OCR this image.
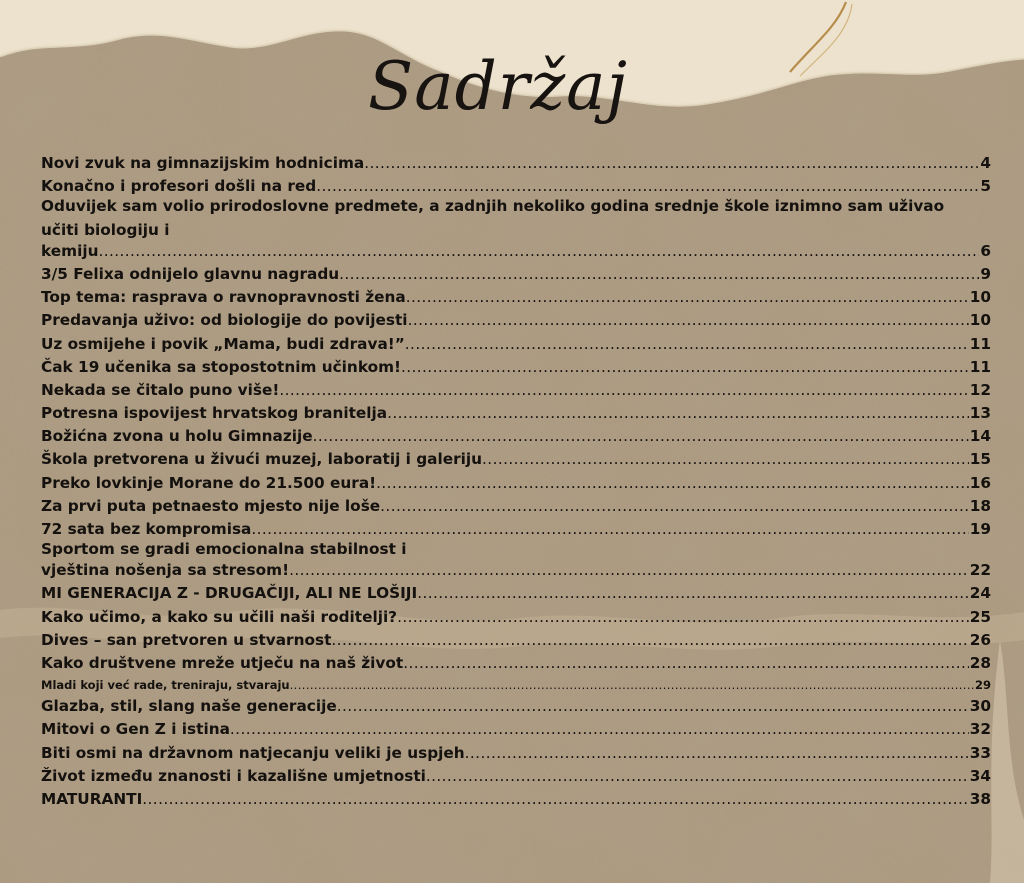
Sadržaj
Novi zvuk na gimnazijskim hodnicima .....	4
Konačno i profesori došli na red .....	5
Oduvijek sam volio prirodoslovne predmete, a zadnjih nekoliko godina srednje škole iznimno sam uživao
učiti biologiju i
kemiju .....	6
3/5 Felixa odnijelo glavnu nagradu .....	9
Top tema: rasprava o ravnopravnosti žena .....	10
Predavanja uživo: od biologije do povijesti .....	10
Uz osmijehe i povik „Mama, budi zdrava!” .....	11
Čak 19 učenika sa stopostotnim učinkom! .....	11
Nekada se čitalo puno više! .....	12
Potresna ispovijest hrvatskog branitelja .....	13
Božićna zvona u holu Gimnazije .....	14
Škola pretvorena u živući muzej, laboratij i galeriju .....	15
Preko lovkinje Morane do 21.500 eura! .....	16
Za prvi puta petnaesto mjesto nije loše .....	18
72 sata bez kompromisa .....	19
Sportom se gradi emocionalna stabilnost i
vještina nošenja sa stresom! .....	22
MI GENERACIJA Z - DRUGAČIJI, ALI NE LOŠIJI .....	24
Kako učimo, a kako su učili naši roditelji? .....	25
Dives – san pretvoren u stvarnost .....	26
Kako društvene mreže utječu na naš život .....	28
Mladi koji već rade, treniraju, stvaraju .....	29
Glazba, stil, slang naše generacije .....	30
Mitovi o Gen Z i istina .....	32
Biti osmi na državnom natjecanju veliki je uspjeh .....	33
Život između znanosti i kazališne umjetnosti .....	34
MATURANTI .....	38
